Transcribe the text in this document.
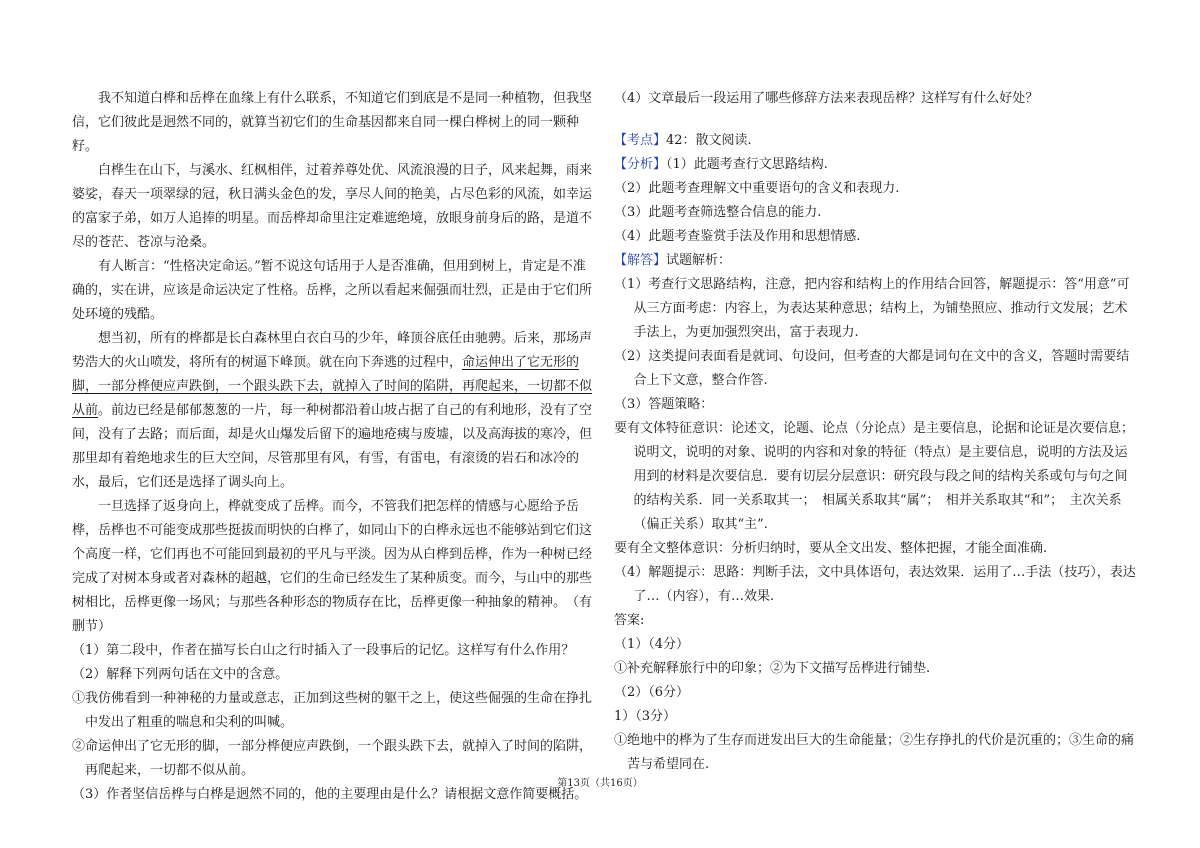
我不知道白桦和岳桦在血缘上有什么联系，不知道它们到底是不是同一种植物，但我坚信，它们彼此是迥然不同的，就算当初它们的生命基因都来自同一棵白桦树上的同一颗种籽。

白桦生在山下，与溪水、红枫相伴，过着养尊处优、风流浪漫的日子，风来起舞，雨来婆娑，春天一项翠绿的冠，秋日满头金色的发，享尽人间的艳美，占尽色彩的风流，如幸运的富家子弟，如万人追捧的明星。而岳桦却命里注定难遮绝境，放眼身前身后的路，是道不尽的苍茫、苍凉与沧桑。

有人断言：“性格决定命运。”暂不说这句话用于人是否准确，但用到树上，肯定是不准确的，实在讲，应该是命运决定了性格。岳桦，之所以看起来倔强而壮烈，正是由于它们所处环境的残酷。

想当初，所有的桦都是长白森林里白衣白马的少年，峰顶谷底任由驰骋。后来，那场声势浩大的火山喷发，将所有的树逼下峰顶。就在向下奔逃的过程中，命运伸出了它无形的脚，一部分桦便应声跌倒，一个跟头跌下去，就掉入了时间的陷阱，再爬起来，一切都不似从前。前边已经是郁郁葱葱的一片，每一种树都沿着山坡占据了自己的有利地形，没有了空间，没有了去路；而后面，却是火山爆发后留下的遍地疮痍与废墟，以及高海拔的寒冷，但那里却有着绝地求生的巨大空间，尽管那里有风，有雪，有雷电，有滚烫的岩石和冰冷的水，最后，它们还是选择了调头向上。

一旦选择了返身向上，桦就变成了岳桦。而今，不管我们把怎样的情感与心愿给予岳桦，岳桦也不可能变成那些挺拔而明快的白桦了，如同山下的白桦永远也不能够站到它们这个高度一样，它们再也不可能回到最初的平凡与平淡。因为从白桦到岳桦，作为一种树已经完成了对树本身或者对森林的超越，它们的生命已经发生了某种质变。而今，与山中的那些树相比，岳桦更像一场风；与那些各种形态的物质存在比，岳桦更像一种抽象的精神。　（有删节）

（1）第二段中，作者在描写长白山之行时插入了一段事后的记忆。这样写有什么作用？

（2）解释下列两句话在文中的含意。

①我仿佛看到一种神秘的力量或意志，正加到这些树的躯干之上，使这些倔强的生命在挣扎中发出了粗重的喘息和尖利的叫喊。

②命运伸出了它无形的脚，一部分桦便应声跌倒，一个跟头跌下去，就掉入了时间的陷阱，再爬起来，一切都不似从前。

（3）作者坚信岳桦与白桦是迥然不同的，他的主要理由是什么？请根据文意作简要概括。

（4）文章最后一段运用了哪些修辞方法来表现岳桦？这样写有什么好处？

【考点】42：散文阅读.

【分析】（1）此题考查行文思路结构.

（2）此题考查理解文中重要语句的含义和表现力.

（3）此题考查筛选整合信息的能力.

（4）此题考查鉴赏手法及作用和思想情感.

【解答】试题解析：

（1）考查行文思路结构，注意，把内容和结构上的作用结合回答，解题提示：答“用意”可从三方面考虑：内容上，为表达某种意思；结构上，为铺垫照应、推动行文发展；艺术手法上，为更加强烈突出，富于表现力.

（2）这类提问表面看是就词、句设问，但考查的大都是词句在文中的含义，答题时需要结合上下文意，整合作答.

（3）答题策略：

要有文体特征意识：论述文，论题、论点（分论点）是主要信息，论据和论证是次要信息；说明文，说明的对象、说明的内容和对象的特征（特点）是主要信息，说明的方法及运用到的材料是次要信息．要有切层分层意识：研究段与段之间的结构关系或句与句之间的结构关系．同一关系取其一；　相属关系取其“属”；　相并关系取其“和”；　主次关系（偏正关系）取其“主”.

要有全文整体意识：分析归纳时，要从全文出发、整体把握，才能全面准确.

（4）解题提示：思路：判断手法，文中具体语句，表达效果．运用了…手法（技巧），表达了…（内容），有…效果.

答案:

（1）（4分）

①补充解释旅行中的印象；②为下文描写岳桦进行铺垫.

（2）（6分）

1）（3分）

①绝地中的桦为了生存而迸发出巨大的生命能量；②生存挣扎的代价是沉重的；③生命的痛苦与希望同在.

第13页（共16页）
